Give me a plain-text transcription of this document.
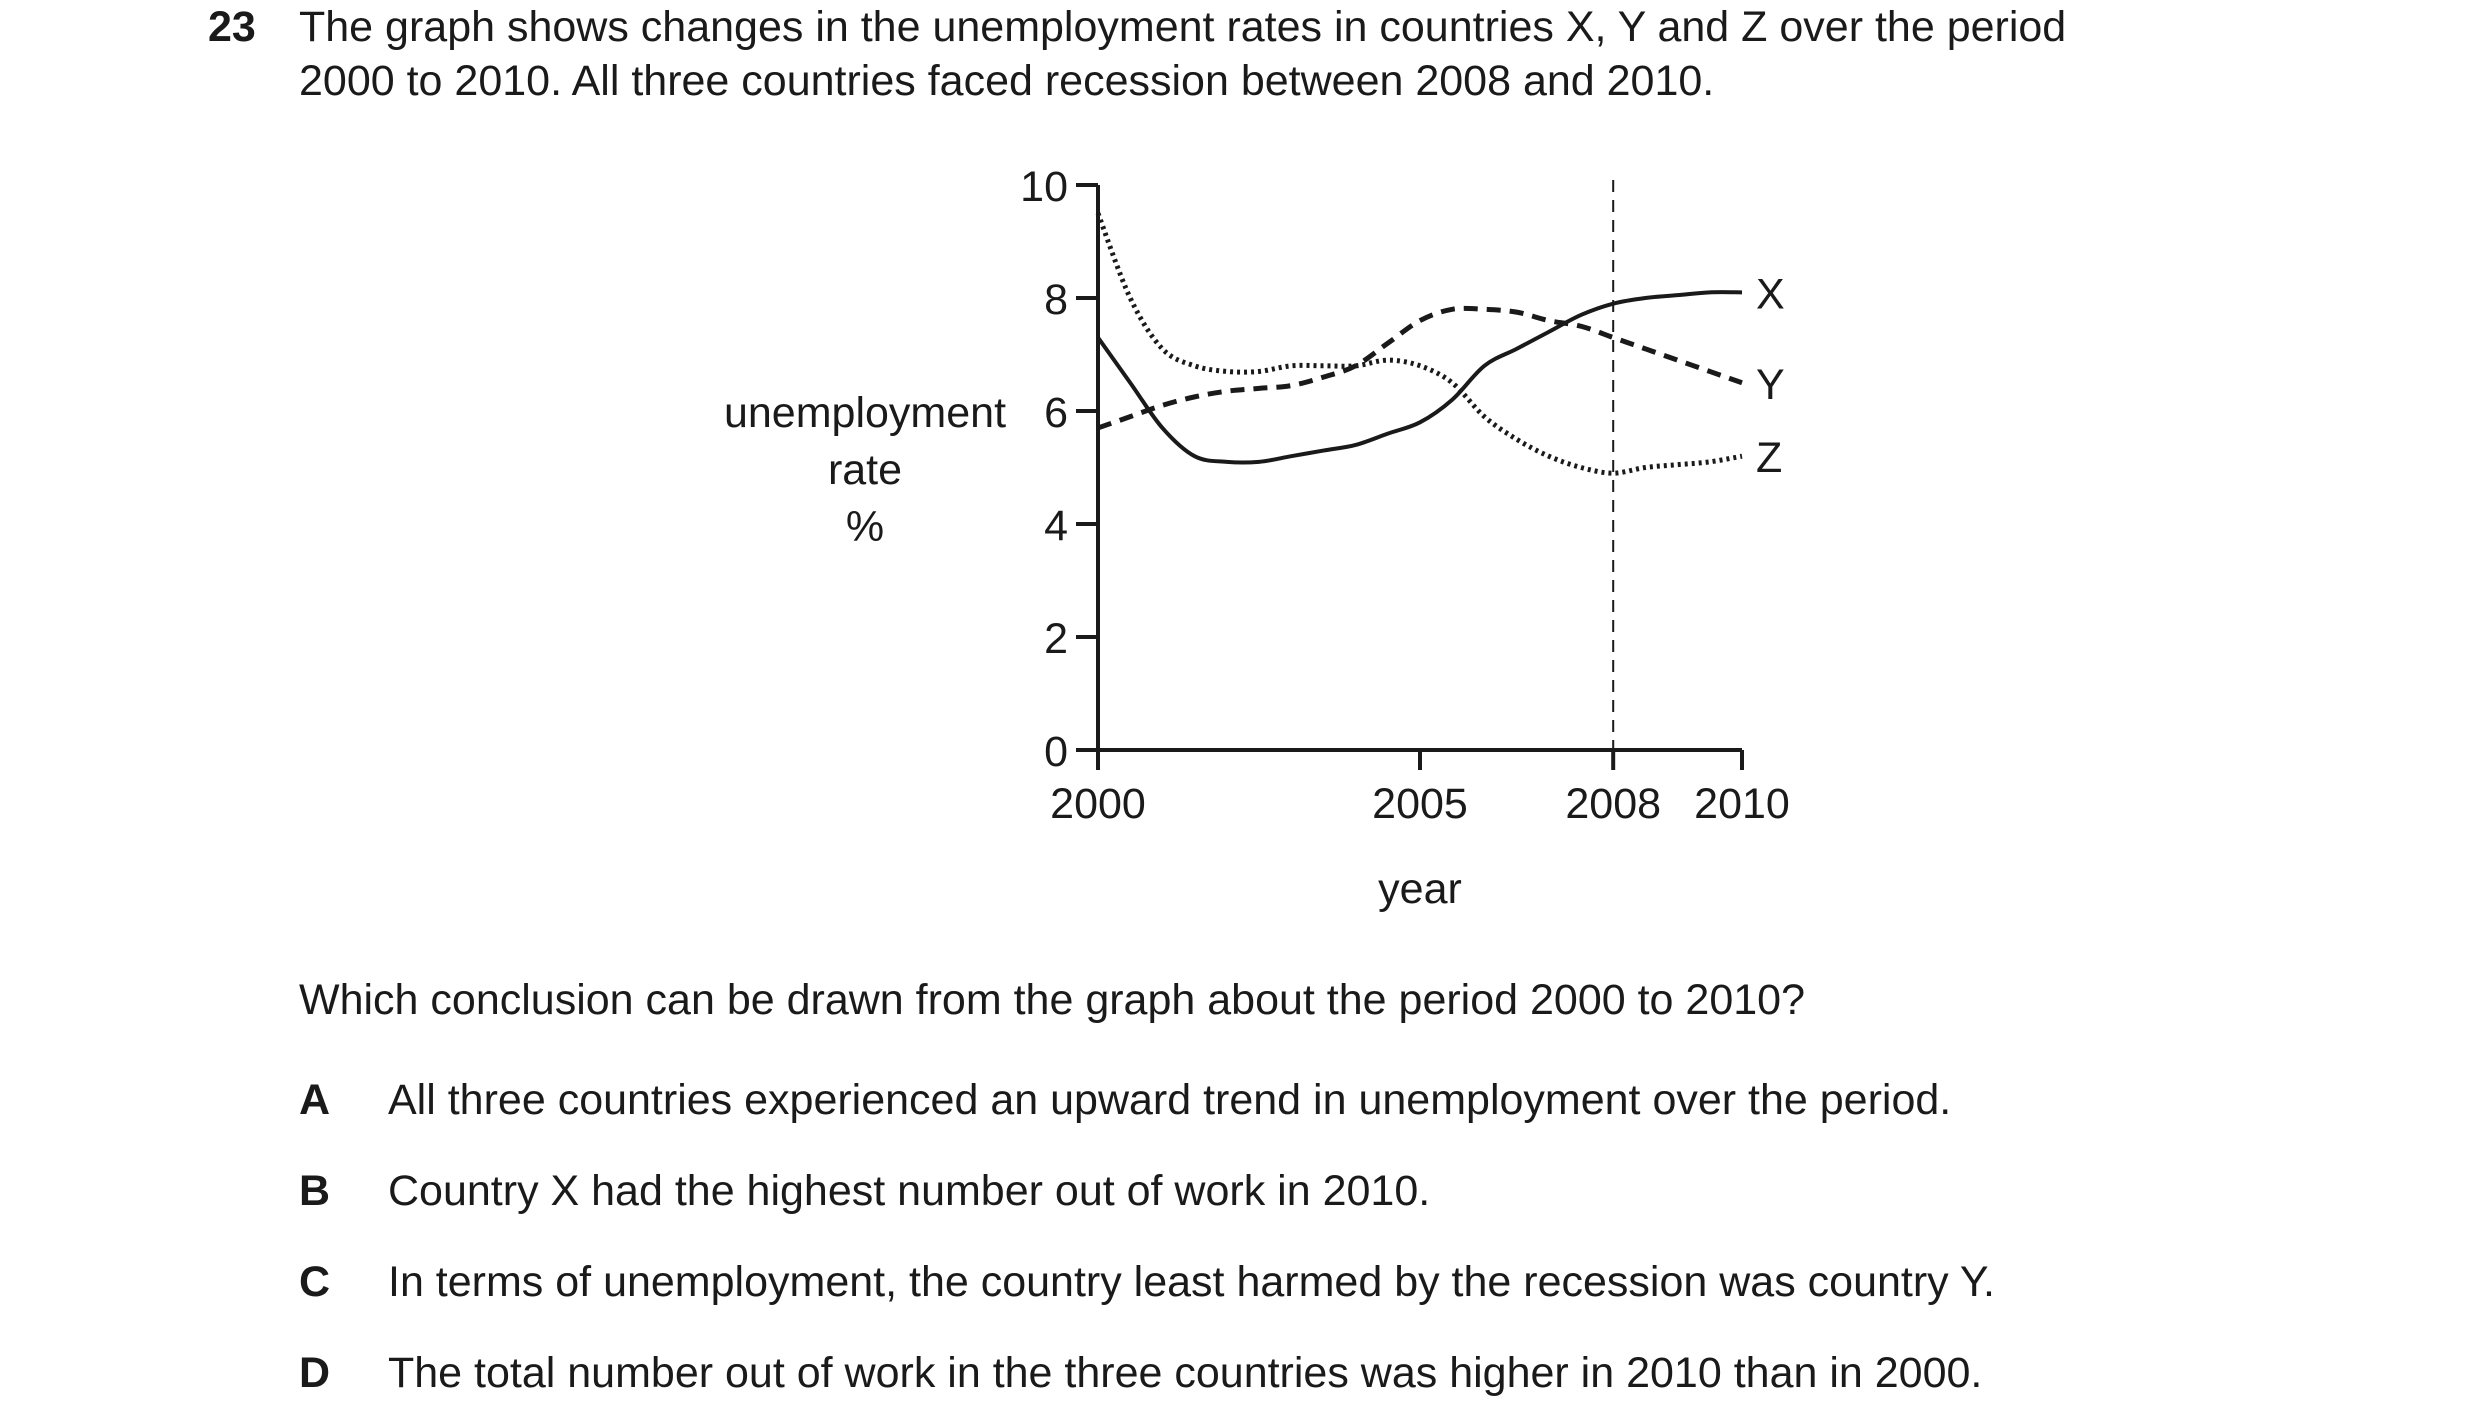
23 The graph shows changes in the unemployment rates in countries X, Y and Z over the period
2000 to 2010. All three countries faced recession between 2008 and 2010.
0
2
4
6
8
10
2000	2005 2008 2010
year
unemployment
rate
%
X
Y
Z
Which conclusion can be drawn from the graph about the period 2000 to 2010?
A All three countries experienced an upward trend in unemployment over the period.
B Country X had the highest number out of work in 2010.
C In terms of unemployment, the country least harmed by the recession was country Y.
D The total number out of work in the three countries was higher in 2010 than in 2000.
